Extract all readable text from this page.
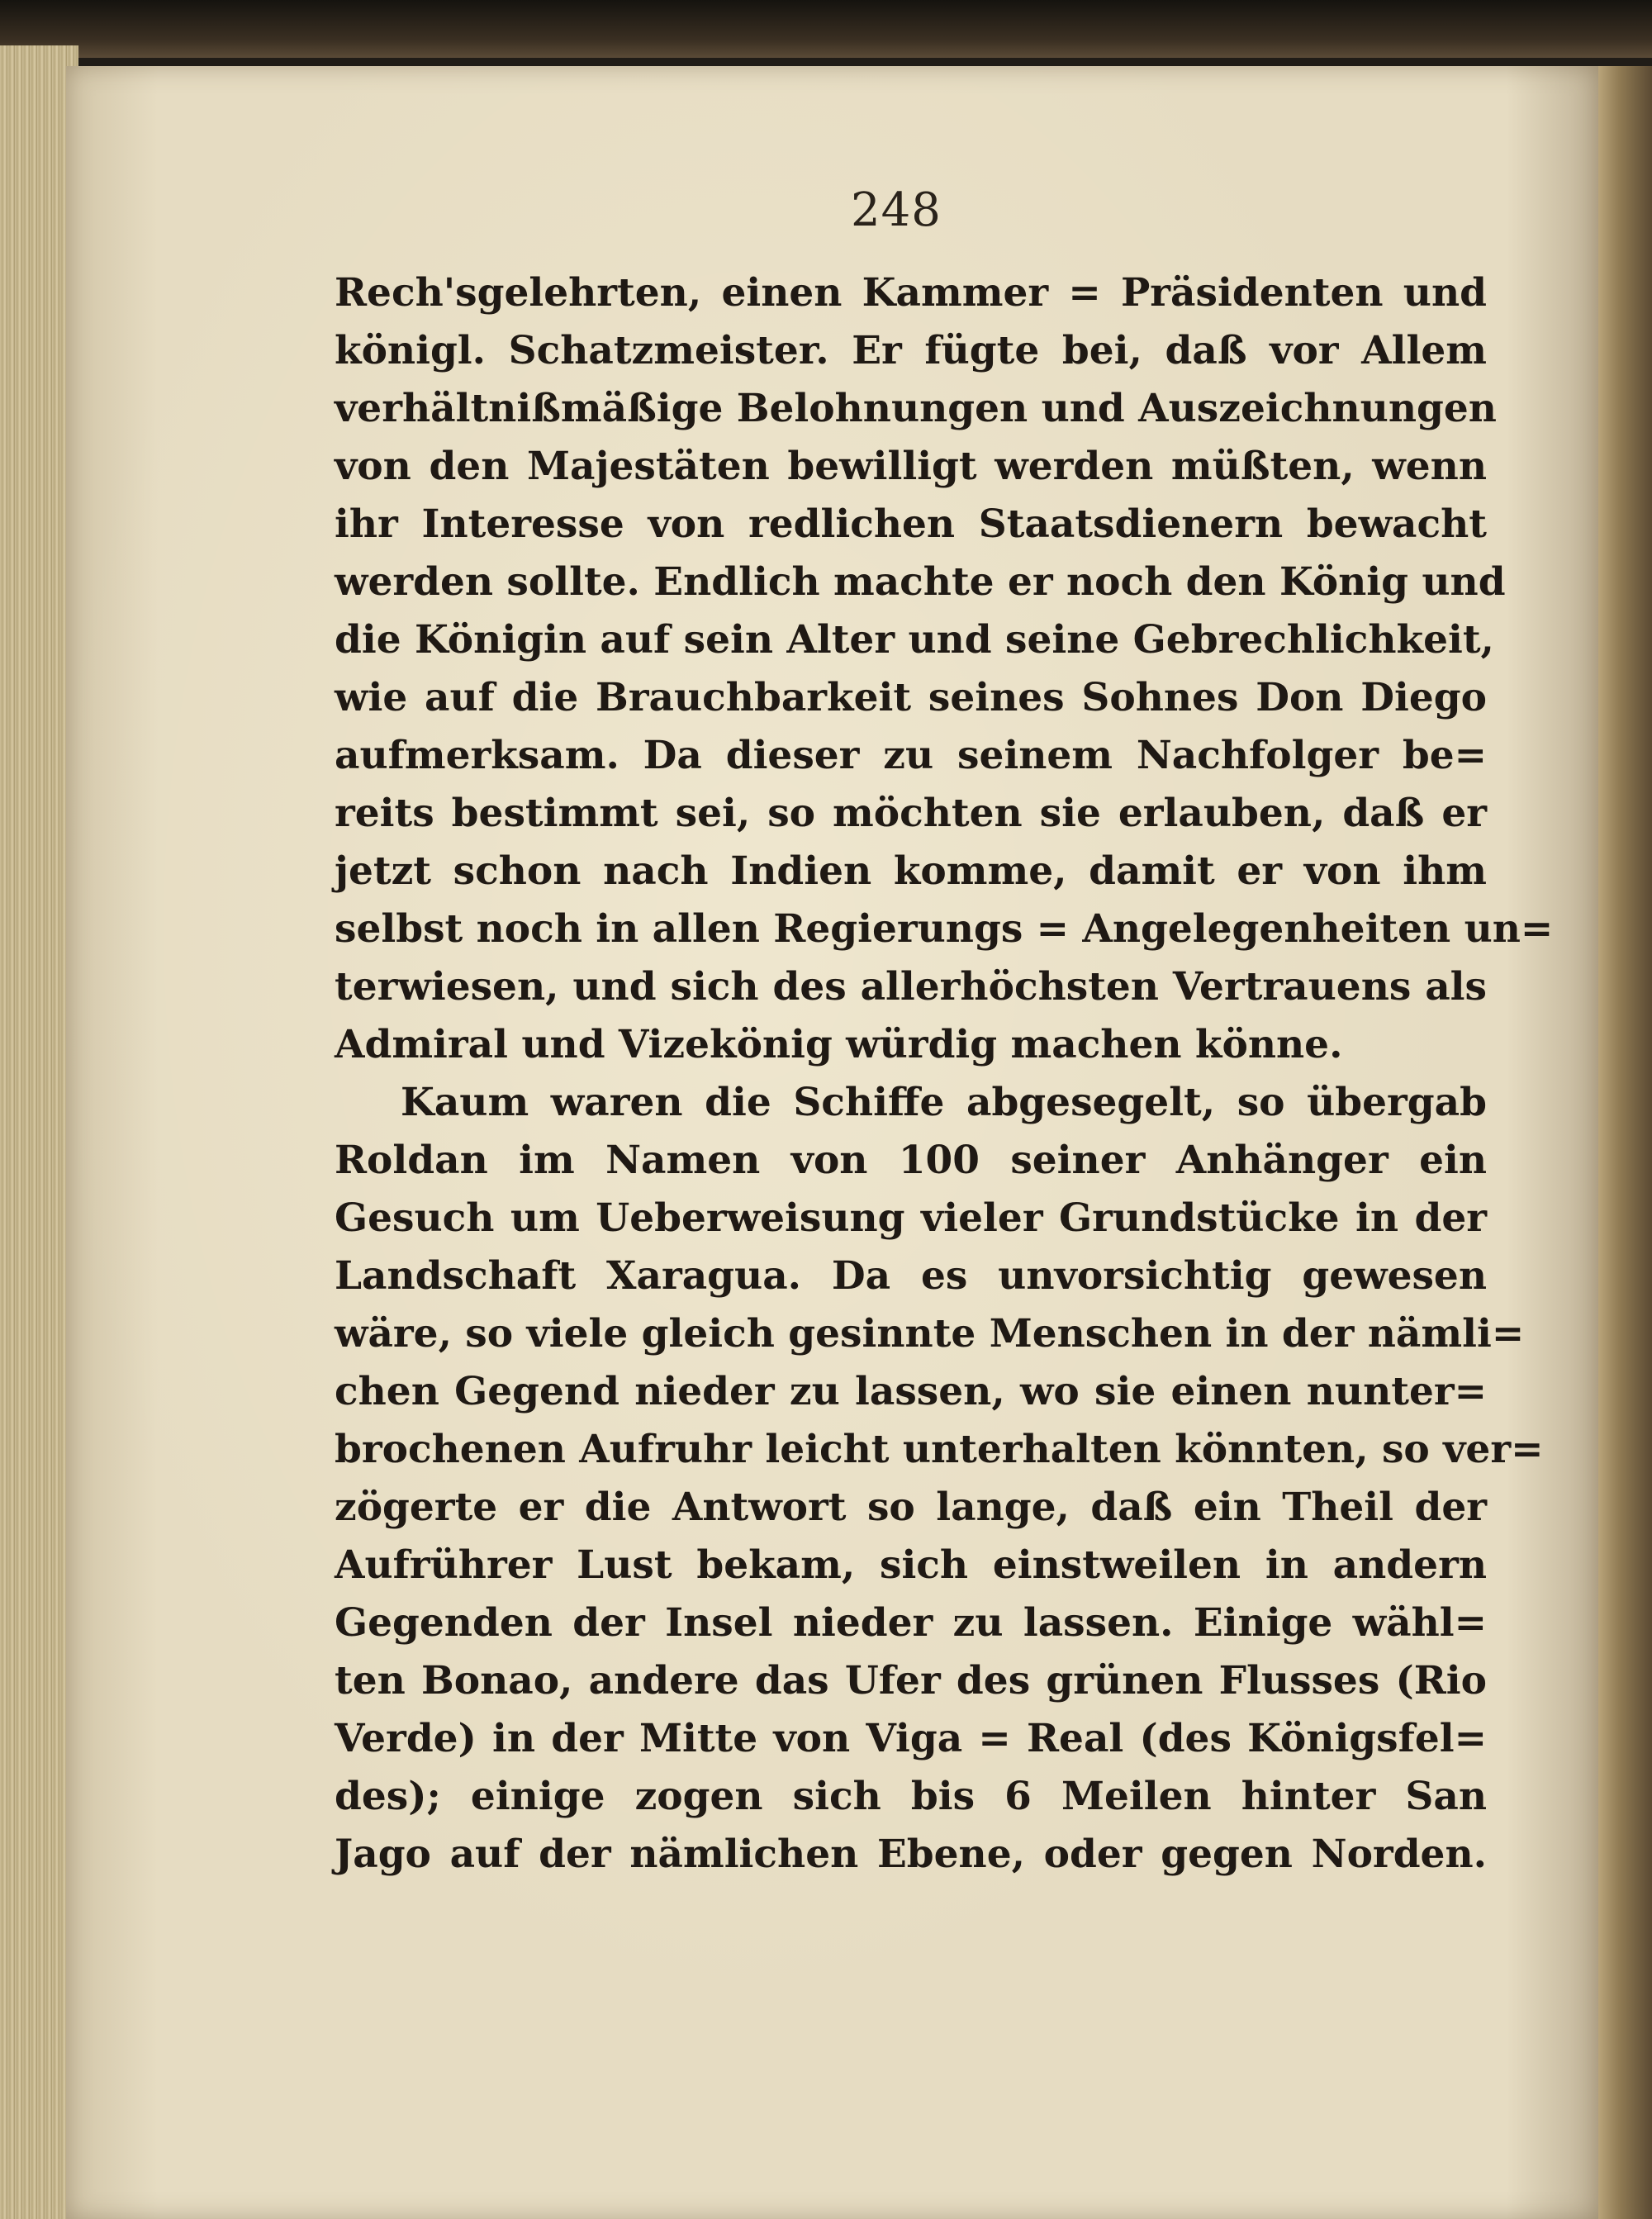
248
Rech'sgelehrten, einen Kammer = Präsidenten und
königl. Schatzmeister. Er fügte bei, daß vor Allem
verhältnißmäßige Belohnungen und Auszeichnungen
von den Majestäten bewilligt werden müßten, wenn
ihr Interesse von redlichen Staatsdienern bewacht
werden sollte. Endlich machte er noch den König und
die Königin auf sein Alter und seine Gebrechlichkeit,
wie auf die Brauchbarkeit seines Sohnes Don Diego
aufmerksam. Da dieser zu seinem Nachfolger be=
reits bestimmt sei, so möchten sie erlauben, daß er
jetzt schon nach Indien komme, damit er von ihm
selbst noch in allen Regierungs = Angelegenheiten un=
terwiesen, und sich des allerhöchsten Vertrauens als
Admiral und Vizekönig würdig machen könne.
Kaum waren die Schiffe abgesegelt, so übergab
Roldan im Namen von 100 seiner Anhänger ein
Gesuch um Ueberweisung vieler Grundstücke in der
Landschaft Xaragua. Da es unvorsichtig gewesen
wäre, so viele gleich gesinnte Menschen in der nämli=
chen Gegend nieder zu lassen, wo sie einen nunter=
brochenen Aufruhr leicht unterhalten könnten, so ver=
zögerte er die Antwort so lange, daß ein Theil der
Aufrührer Lust bekam, sich einstweilen in andern
Gegenden der Insel nieder zu lassen. Einige wähl=
ten Bonao, andere das Ufer des grünen Flusses (Rio
Verde) in der Mitte von Viga = Real (des Königsfel=
des); einige zogen sich bis 6 Meilen hinter San
Jago auf der nämlichen Ebene, oder gegen Norden.
